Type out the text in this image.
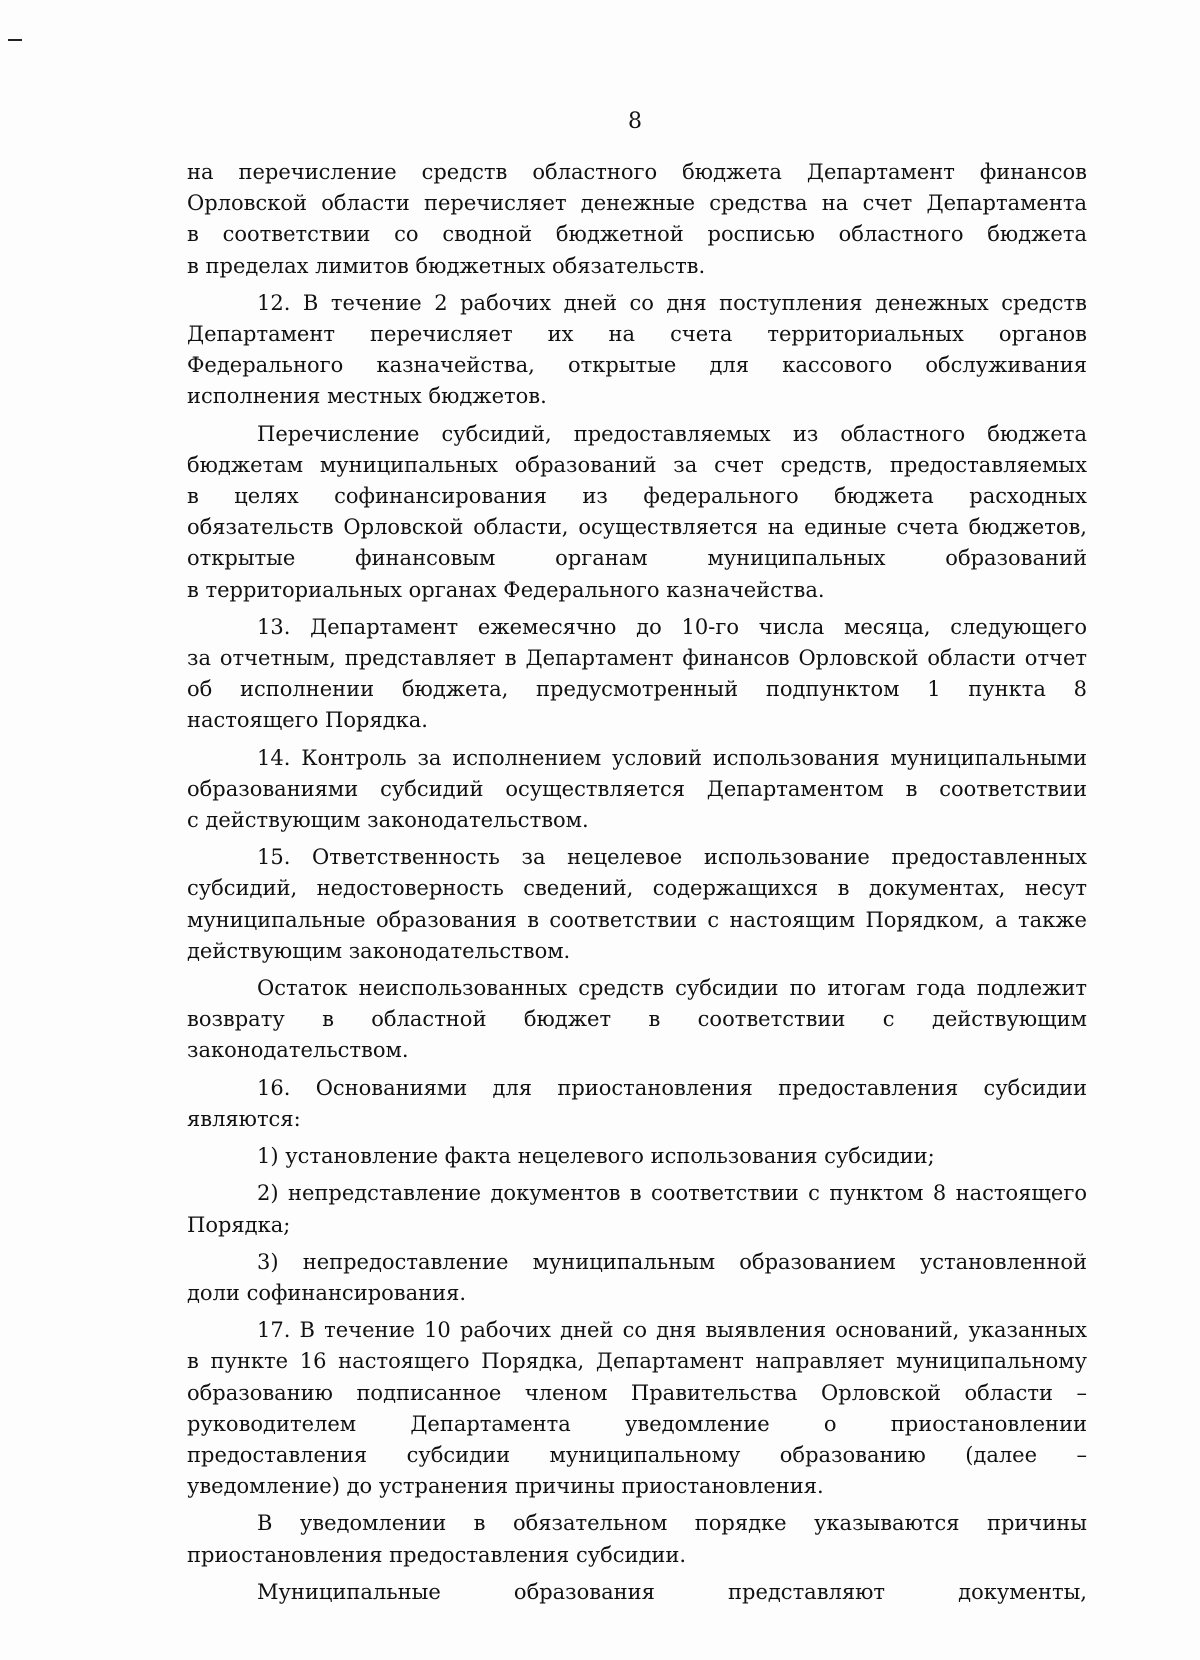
8

на перечисление средств областного бюджета Департамент финансов
Орловской области перечисляет денежные средства на счет Департамента
в соответствии со сводной бюджетной росписью областного бюджета
в пределах лимитов бюджетных обязательств.

12. В течение 2 рабочих дней со дня поступления денежных средств
Департамент перечисляет их на счета территориальных органов
Федерального казначейства, открытые для кассового обслуживания
исполнения местных бюджетов.

Перечисление субсидий, предоставляемых из областного бюджета
бюджетам муниципальных образований за счет средств, предоставляемых
в целях софинансирования из федерального бюджета расходных
обязательств Орловской области, осуществляется на единые счета бюджетов,
открытые финансовым органам муниципальных образований
в территориальных органах Федерального казначейства.

13. Департамент ежемесячно до 10-го числа месяца, следующего
за отчетным, представляет в Департамент финансов Орловской области отчет
об исполнении бюджета, предусмотренный подпунктом 1 пункта 8
настоящего Порядка.

14. Контроль за исполнением условий использования муниципальными
образованиями субсидий осуществляется Департаментом в соответствии
с действующим законодательством.

15. Ответственность за нецелевое использование предоставленных
субсидий, недостоверность сведений, содержащихся в документах, несут
муниципальные образования в соответствии с настоящим Порядком, а также
действующим законодательством.

Остаток неиспользованных средств субсидии по итогам года подлежит
возврату в областной бюджет в соответствии с действующим
законодательством.

16. Основаниями для приостановления предоставления субсидии
являются:

1) установление факта нецелевого использования субсидии;

2) непредставление документов в соответствии с пунктом 8 настоящего
Порядка;

3) непредоставление муниципальным образованием установленной
доли софинансирования.

17. В течение 10 рабочих дней со дня выявления оснований, указанных
в пункте 16 настоящего Порядка, Департамент направляет муниципальному
образованию подписанное членом Правительства Орловской области –
руководителем Департамента уведомление о приостановлении
предоставления субсидии муниципальному образованию (далее –
уведомление) до устранения причины приостановления.

В уведомлении в обязательном порядке указываются причины
приостановления предоставления субсидии.

Муниципальные образования представляют документы,
